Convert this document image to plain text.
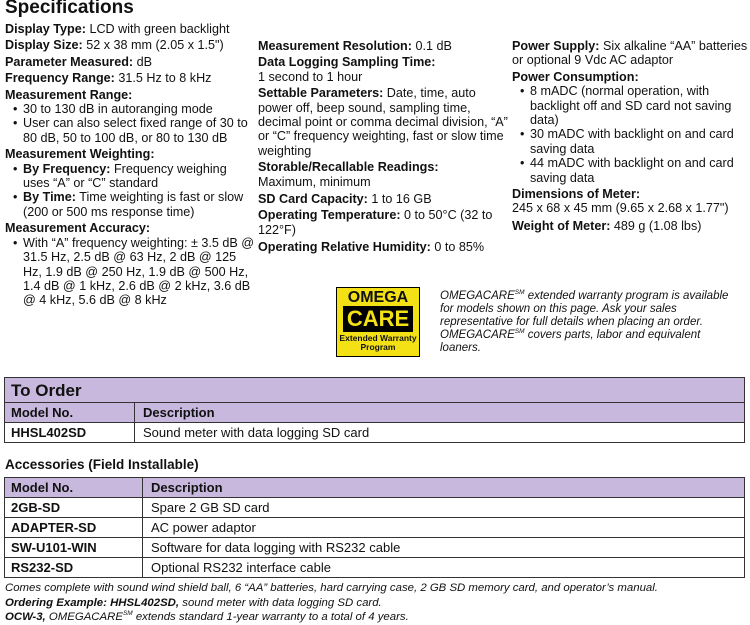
Specifications
Display Type: LCD with green backlight
Display Size: 52 x 38 mm (2.05 x 1.5")
Parameter Measured: dB
Frequency Range: 31.5 Hz to 8 kHz
Measurement Range:
• 30 to 130 dB in autoranging mode
• User can also select fixed range of 30 to 80 dB, 50 to 100 dB, or 80 to 130 dB
Measurement Weighting:
• By Frequency: Frequency weighing uses “A” or “C” standard
• By Time: Time weighting is fast or slow (200 or 500 ms response time)
Measurement Accuracy:
• With “A” frequency weighting: ± 3.5 dB @ 31.5 Hz, 2.5 dB @ 63 Hz, 2 dB @ 125 Hz, 1.9 dB @ 250 Hz, 1.9 dB @ 500 Hz, 1.4 dB @ 1 kHz, 2.6 dB @ 2 kHz, 3.6 dB @ 4 kHz, 5.6 dB @ 8 kHz
Measurement Resolution: 0.1 dB
Data Logging Sampling Time:
1 second to 1 hour
Settable Parameters: Date, time, auto power off, beep sound, sampling time, decimal point or comma decimal division, “A” or “C” frequency weighting, fast or slow time weighting
Storable/Recallable Readings:
Maximum, minimum
SD Card Capacity: 1 to 16 GB
Operating Temperature: 0 to 50°C (32 to 122°F)
Operating Relative Humidity: 0 to 85%
Power Supply: Six alkaline “AA” batteries or optional 9 Vdc AC adaptor
Power Consumption:
• 8 mADC (normal operation, with backlight off and SD card not saving data)
• 30 mADC with backlight on and card saving data
• 44 mADC with backlight on and card saving data
Dimensions of Meter:
245 x 68 x 45 mm (9.65 x 2.68 x 1.77")
Weight of Meter: 489 g (1.08 lbs)
OMEGA
CARE
Extended Warranty
Program
OMEGACARE℠ extended warranty program is available for models shown on this page. Ask your sales representative for full details when placing an order. OMEGACARE℠ covers parts, labor and equivalent loaners.
To Order
Model No.	Description
HHSL402SD	Sound meter with data logging SD card
Accessories (Field Installable)
Model No.	Description
2GB-SD	Spare 2 GB SD card
ADAPTER-SD	AC power adaptor
SW-U101-WIN	Software for data logging with RS232 cable
RS232-SD	Optional RS232 interface cable
Comes complete with sound wind shield ball, 6 “AA” batteries, hard carrying case, 2 GB SD memory card, and operator’s manual.
Ordering Example: HHSL402SD, sound meter with data logging SD card.
OCW-3, OMEGACARE℠ extends standard 1-year warranty to a total of 4 years.
